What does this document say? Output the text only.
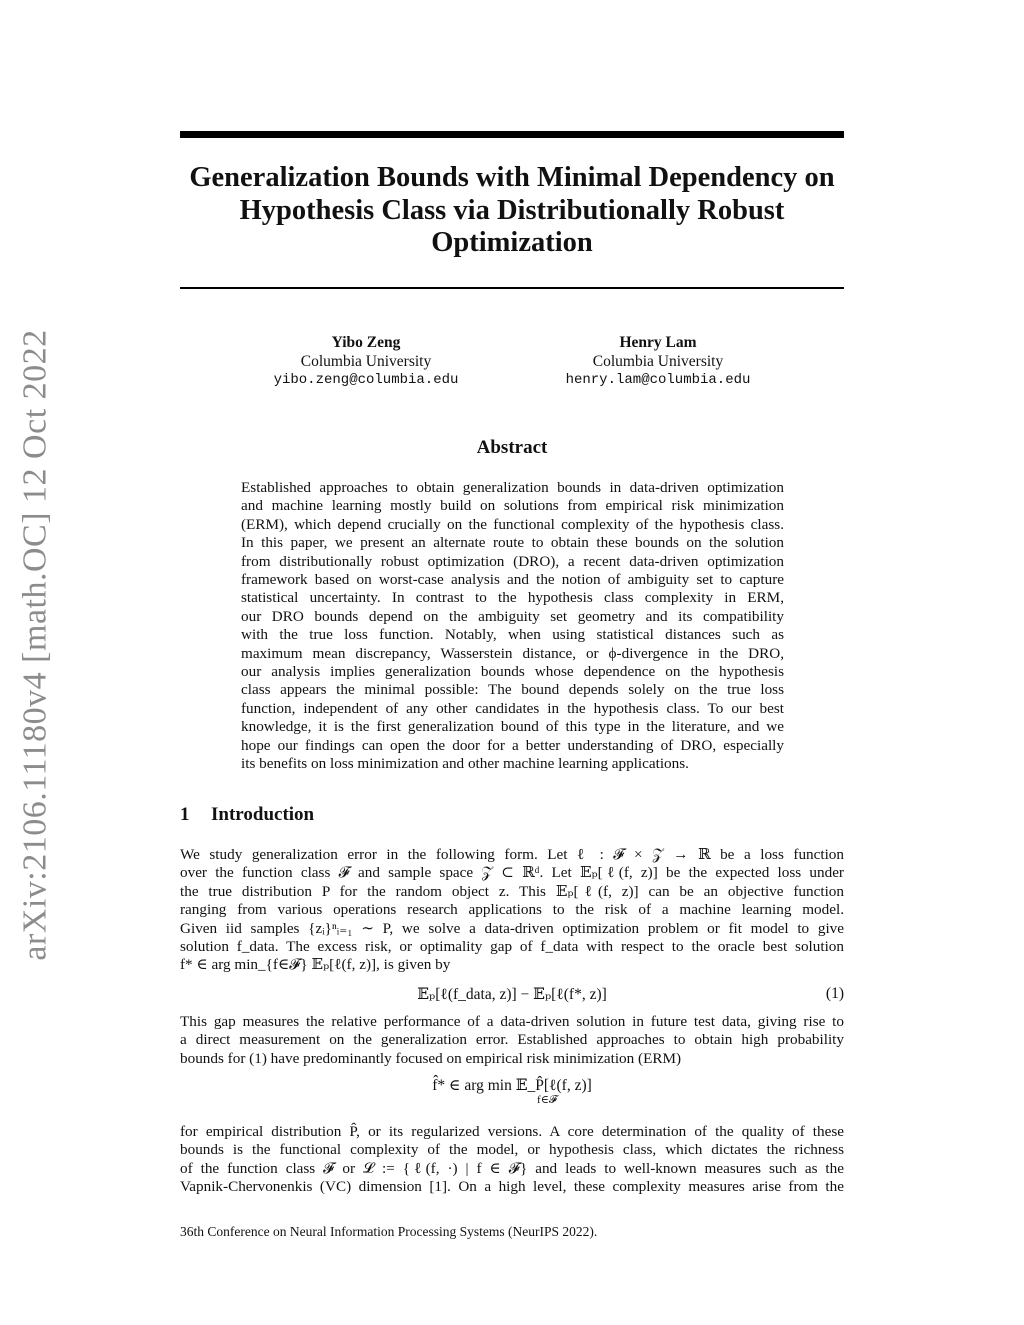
arXiv:2106.11180v4 [math.OC] 12 Oct 2022
Generalization Bounds with Minimal Dependency on
Hypothesis Class via Distributionally Robust
Optimization
Yibo Zeng
Columbia University
yibo.zeng@columbia.edu
Henry Lam
Columbia University
henry.lam@columbia.edu
Abstract
Established approaches to obtain generalization bounds in data-driven optimization
and machine learning mostly build on solutions from empirical risk minimization
(ERM), which depend crucially on the functional complexity of the hypothesis class.
In this paper, we present an alternate route to obtain these bounds on the solution
from distributionally robust optimization (DRO), a recent data-driven optimization
framework based on worst-case analysis and the notion of ambiguity set to capture
statistical uncertainty. In contrast to the hypothesis class complexity in ERM,
our DRO bounds depend on the ambiguity set geometry and its compatibility
with the true loss function. Notably, when using statistical distances such as
maximum mean discrepancy, Wasserstein distance, or ϕ-divergence in the DRO,
our analysis implies generalization bounds whose dependence on the hypothesis
class appears the minimal possible: The bound depends solely on the true loss
function, independent of any other candidates in the hypothesis class. To our best
knowledge, it is the first generalization bound of this type in the literature, and we
hope our findings can open the door for a better understanding of DRO, especially
its benefits on loss minimization and other machine learning applications.
1 Introduction
We study generalization error in the following form. Let ℓ : 𝓕 × 𝒵 → ℝ be a loss function
over the function class 𝓕 and sample space 𝒵 ⊂ ℝᵈ. Let 𝔼ₚ[ℓ(f, z)] be the expected loss under
the true distribution P for the random object z. This 𝔼ₚ[ℓ(f, z)] can be an objective function
ranging from various operations research applications to the risk of a machine learning model.
Given iid samples {zᵢ}ⁿᵢ₌₁ ∼ P, we solve a data-driven optimization problem or fit model to give
solution f_data. The excess risk, or optimality gap of f_data with respect to the oracle best solution
f* ∈ arg min_{f∈𝓕} 𝔼ₚ[ℓ(f, z)], is given by
𝔼ₚ[ℓ(f_data, z)] − 𝔼ₚ[ℓ(f*, z)]	(1)
This gap measures the relative performance of a data-driven solution in future test data, giving rise to
a direct measurement on the generalization error. Established approaches to obtain high probability
bounds for (1) have predominantly focused on empirical risk minimization (ERM)
f̂* ∈ arg min 𝔼_P̂[ℓ(f, z)]
f∈𝓕
for empirical distribution P̂, or its regularized versions. A core determination of the quality of these
bounds is the functional complexity of the model, or hypothesis class, which dictates the richness
of the function class 𝓕 or 𝓛 := {ℓ(f, ·) | f ∈ 𝓕} and leads to well-known measures such as the
Vapnik-Chervonenkis (VC) dimension [1]. On a high level, these complexity measures arise from the
36th Conference on Neural Information Processing Systems (NeurIPS 2022).
